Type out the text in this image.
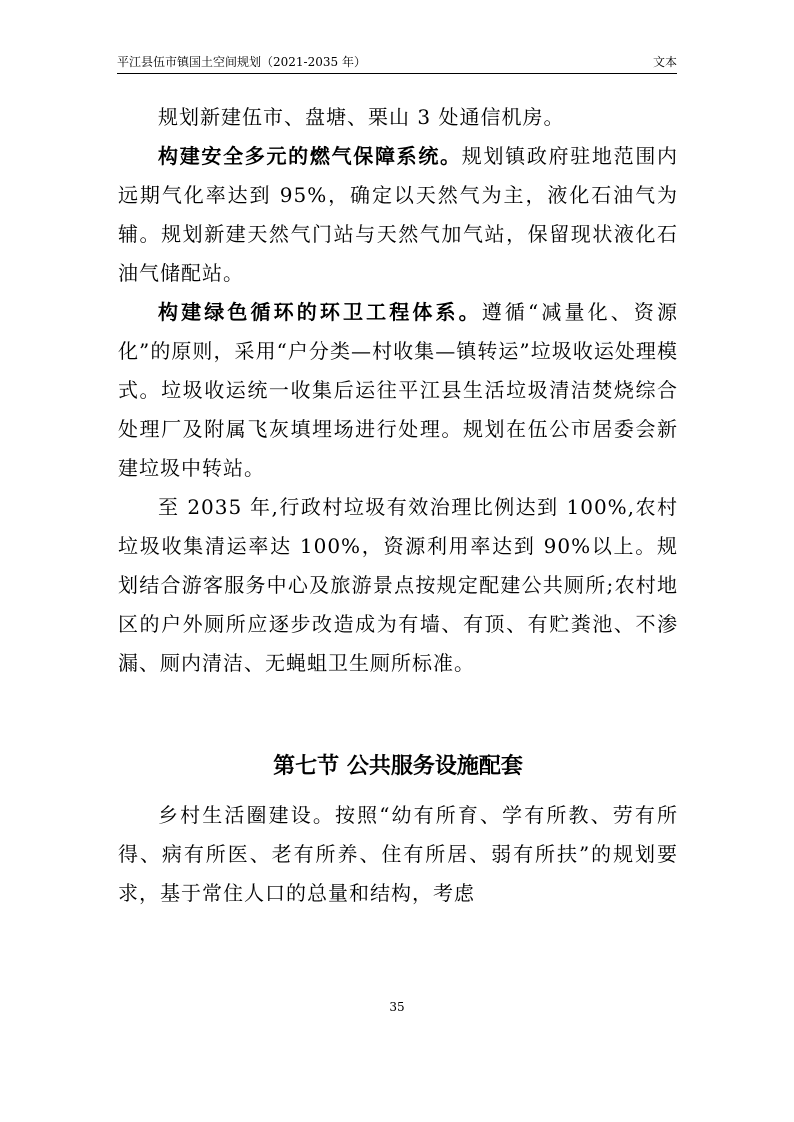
平江县伍市镇国土空间规划（2021-2035 年）	文本

规划新建伍市、盘塘、栗山 3 处通信机房。

构建安全多元的燃气保障系统。规划镇政府驻地范围内远期气化率达到 95%，确定以天然气为主，液化石油气为辅。规划新建天然气门站与天然气加气站，保留现状液化石油气储配站。

构建绿色循环的环卫工程体系。遵循“减量化、资源化”的原则，采用“户分类—村收集—镇转运”垃圾收运处理模式。垃圾收运统一收集后运往平江县生活垃圾清洁焚烧综合处理厂及附属飞灰填埋场进行处理。规划在伍公市居委会新建垃圾中转站。

至 2035 年,行政村垃圾有效治理比例达到 100%,农村垃圾收集清运率达 100%，资源利用率达到 90%以上。规划结合游客服务中心及旅游景点按规定配建公共厕所;农村地区的户外厕所应逐步改造成为有墙、有顶、有贮粪池、不渗漏、厕内清洁、无蝇蛆卫生厕所标准。

第七节 公共服务设施配套

乡村生活圈建设。按照“幼有所育、学有所教、劳有所得、病有所医、老有所养、住有所居、弱有所扶”的规划要求，基于常住人口的总量和结构，考虑

35
